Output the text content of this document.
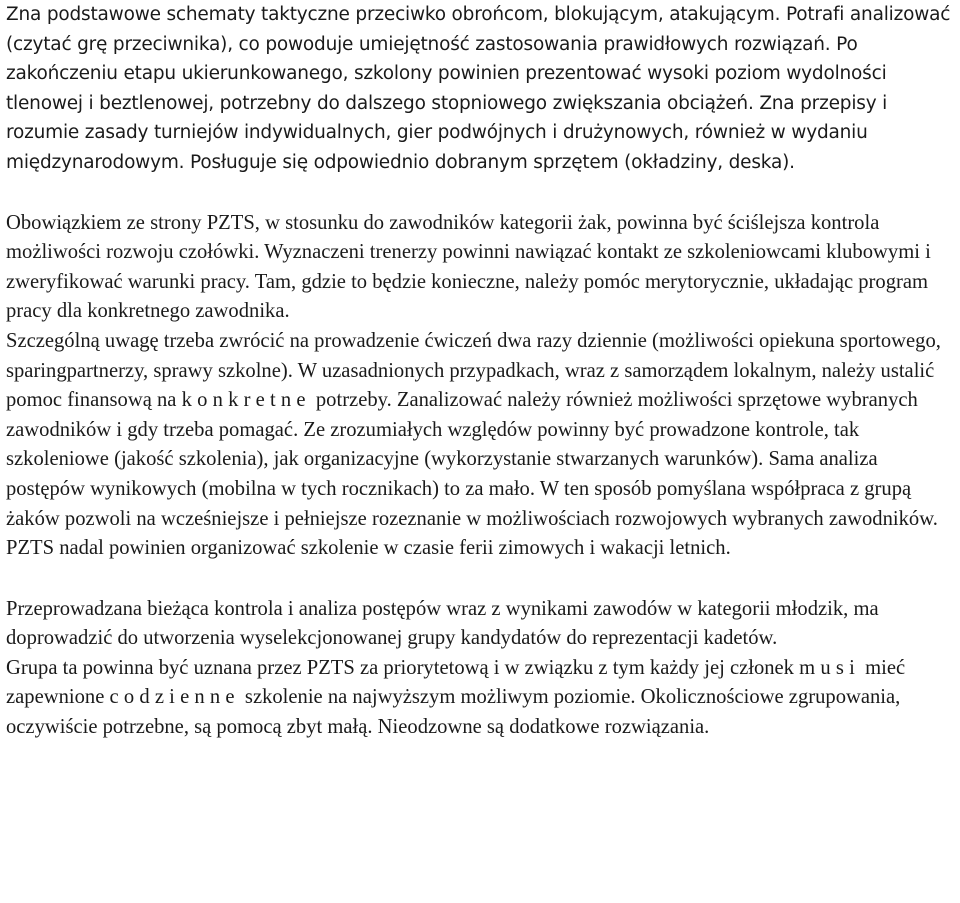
Zna podstawowe schematy taktyczne przeciwko obrońcom, blokującym, atakującym. Potrafi analizować (czytać grę przeciwnika), co powoduje umiejętność zastosowania prawidłowych rozwiązań. Po zakończeniu etapu ukierunkowanego, szkolony powinien prezentować wysoki poziom wydolności tlenowej i beztlenowej, potrzebny do dalszego stopniowego zwiększania obciążeń. Zna przepisy i rozumie zasady turniejów indywidualnych, gier podwójnych i drużynowych, również w wydaniu międzynarodowym. Posługuje się odpowiednio dobranym sprzętem (okładziny, deska).

Obowiązkiem ze strony PZTS, w stosunku do zawodników kategorii żak, powinna być ściślejsza kontrola możliwości rozwoju czołówki. Wyznaczeni trenerzy powinni nawiązać kontakt ze szkoleniowcami klubowymi i zweryfikować warunki pracy. Tam, gdzie to będzie konieczne, należy pomóc merytorycznie, układając program pracy dla konkretnego zawodnika.

Szczególną uwagę trzeba zwrócić na prowadzenie ćwiczeń dwa razy dziennie (możliwości opiekuna sportowego, sparingpartnerzy, sprawy szkolne). W uzasadnionych przypadkach, wraz z samorządem lokalnym, należy ustalić pomoc finansową na konkretne potrzeby. Zanalizować należy również możliwości sprzętowe wybranych zawodników i gdy trzeba pomagać. Ze zrozumiałych względów powinny być prowadzone kontrole, tak szkoleniowe (jakość szkolenia), jak organizacyjne (wykorzystanie stwarzanych warunków). Sama analiza postępów wynikowych (mobilna w tych rocznikach) to za mało. W ten sposób pomyślana współpraca z grupą żaków pozwoli na wcześniejsze i pełniejsze rozeznanie w możliwościach rozwojowych wybranych zawodników.

PZTS nadal powinien organizować szkolenie w czasie ferii zimowych i wakacji letnich.

Przeprowadzana bieżąca kontrola i analiza postępów wraz z wynikami zawodów w kategorii młodzik, ma doprowadzić do utworzenia wyselekcjonowanej grupy kandydatów do reprezentacji kadetów.

Grupa ta powinna być uznana przez PZTS za priorytetową i w związku z tym każdy jej członek musi mieć zapewnione codzienne szkolenie na najwyższym możliwym poziomie. Okolicznościowe zgrupowania, oczywiście potrzebne, są pomocą zbyt małą. Nieodzowne są dodatkowe rozwiązania.
